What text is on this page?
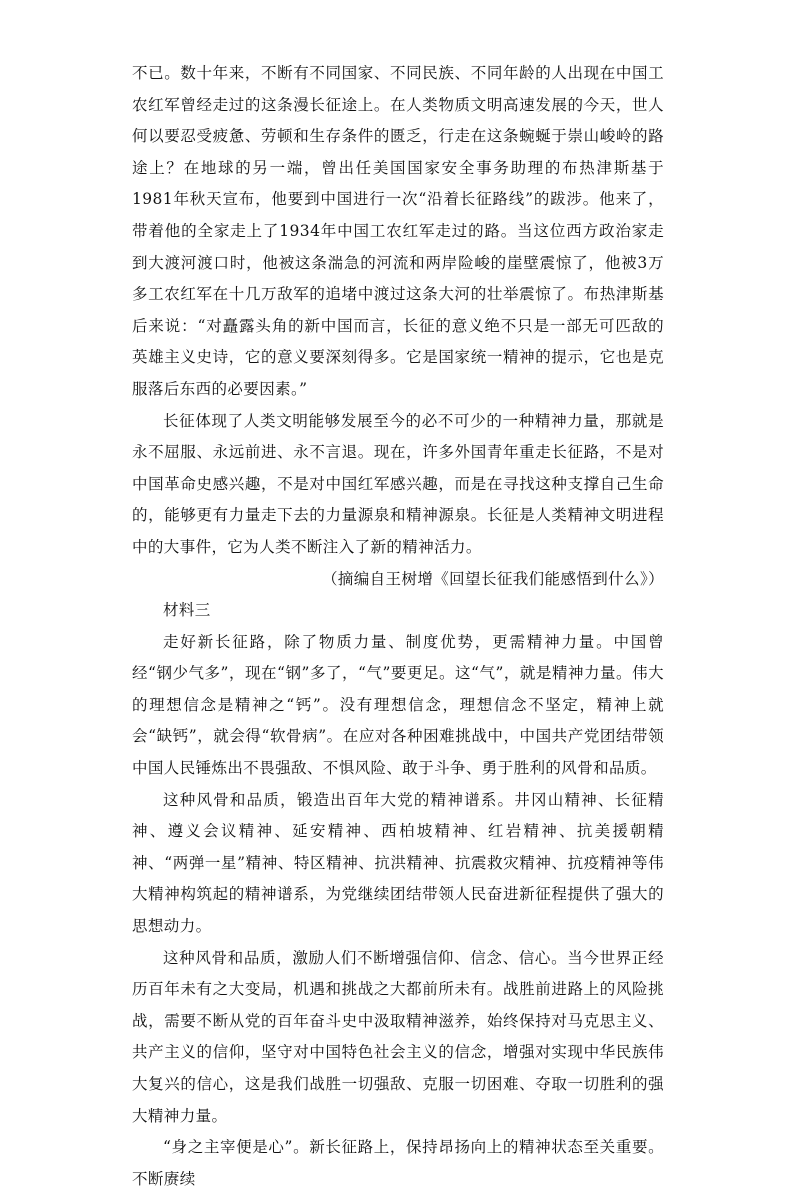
不已。数十年来，不断有不同国家、不同民族、不同年龄的人出现在中国工农红军曾经走过的这条漫长征途上。在人类物质文明高速发展的今天，世人何以要忍受疲惫、劳顿和生存条件的匮乏，行走在这条蜿蜒于崇山峻岭的路途上？在地球的另一端，曾出任美国国家安全事务助理的布热津斯基于1981年秋天宣布，他要到中国进行一次“沿着长征路线”的跋涉。他来了，带着他的全家走上了1934年中国工农红军走过的路。当这位西方政治家走到大渡河渡口时，他被这条湍急的河流和两岸险峻的崖壁震惊了，他被3万多工农红军在十几万敌军的追堵中渡过这条大河的壮举震惊了。布热津斯基后来说：“对矗露头角的新中国而言，长征的意义绝不只是一部无可匹敌的英雄主义史诗，它的意义要深刻得多。它是国家统一精神的提示，它也是克服落后东西的必要因素。”

长征体现了人类文明能够发展至今的必不可少的一种精神力量，那就是永不屈服、永远前进、永不言退。现在，许多外国青年重走长征路，不是对中国革命史感兴趣，不是对中国红军感兴趣，而是在寻找这种支撑自己生命的，能够更有力量走下去的力量源泉和精神源泉。长征是人类精神文明进程中的大事件，它为人类不断注入了新的精神活力。

（摘编自王树增《回望长征我们能感悟到什么》）

材料三

走好新长征路，除了物质力量、制度优势，更需精神力量。中国曾经“钢少气多”，现在“钢”多了，“气”要更足。这“气”，就是精神力量。伟大的理想信念是精神之“钙”。没有理想信念，理想信念不坚定，精神上就会“缺钙”，就会得“软骨病”。在应对各种困难挑战中，中国共产党团结带领中国人民锤炼出不畏强敌、不惧风险、敢于斗争、勇于胜利的风骨和品质。

这种风骨和品质，锻造出百年大党的精神谱系。井冈山精神、长征精神、遵义会议精神、延安精神、西柏坡精神、红岩精神、抗美援朝精神、“两弹一星”精神、特区精神、抗洪精神、抗震救灾精神、抗疫精神等伟大精神构筑起的精神谱系，为党继续团结带领人民奋进新征程提供了强大的思想动力。

这种风骨和品质，激励人们不断增强信仰、信念、信心。当今世界正经历百年未有之大变局，机遇和挑战之大都前所未有。战胜前进路上的风险挑战，需要不断从党的百年奋斗史中汲取精神滋养，始终保持对马克思主义、共产主义的信仰，坚守对中国特色社会主义的信念，增强对实现中华民族伟大复兴的信心，这是我们战胜一切强敌、克服一切困难、夺取一切胜利的强大精神力量。

“身之主宰便是心”。新长征路上，保持昂扬向上的精神状态至关重要。不断赓续
